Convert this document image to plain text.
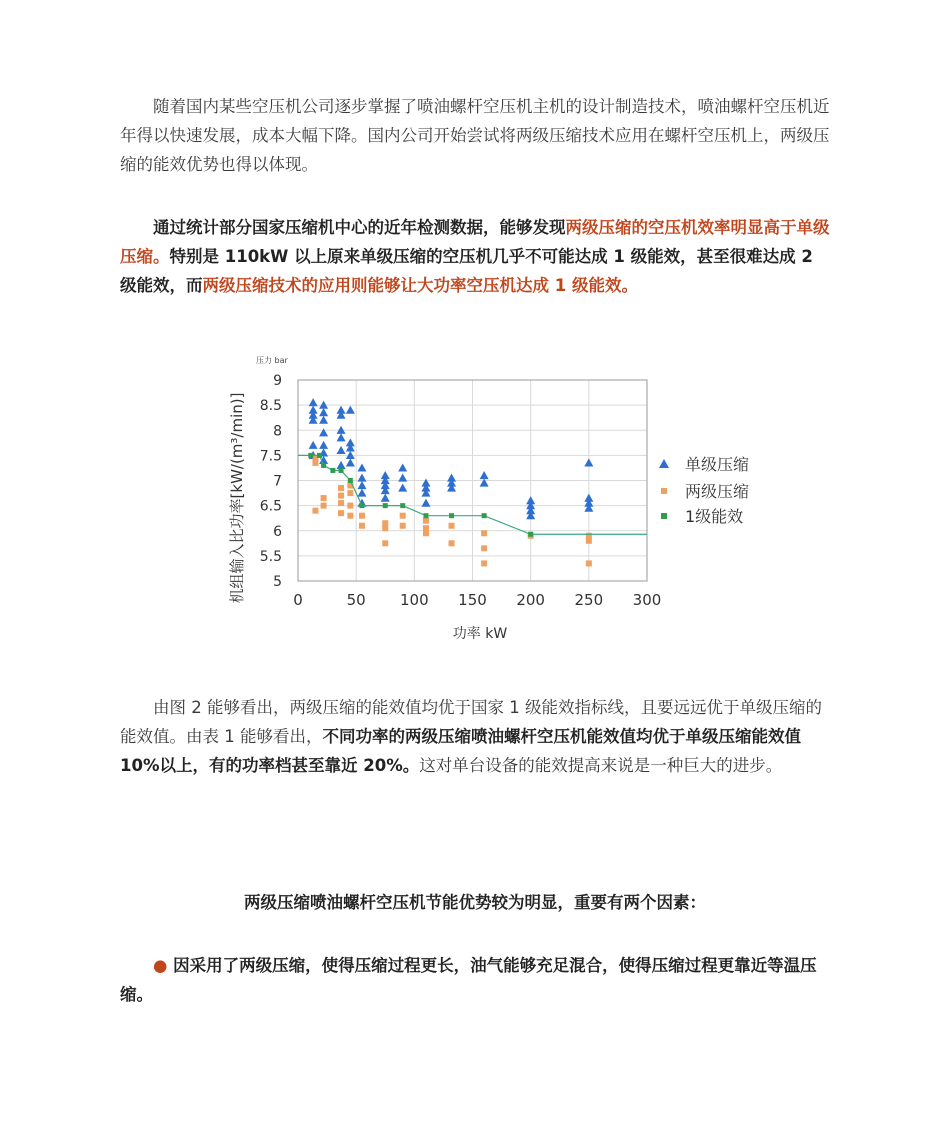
随着国内某些空压机公司逐步掌握了喷油螺杆空压机主机的设计制造技术，喷油螺杆空压机近年得以快速发展，成本大幅下降。国内公司开始尝试将两级压缩技术应用在螺杆空压机上，两级压缩的能效优势也得以体现。

通过统计部分国家压缩机中心的近年检测数据，能够发现两级压缩的空压机效率明显高于单级压缩。特别是 110kW 以上原来单级压缩的空压机几乎不可能达成 1 级能效，甚至很难达成 2 级能效，而两级压缩技术的应用则能够让大功率空压机达成 1 级能效。

由图 2 能够看出，两级压缩的能效值均优于国家 1 级能效指标线，且要远远优于单级压缩的能效值。由表 1 能够看出，不同功率的两级压缩喷油螺杆空压机能效值均优于单级压缩能效值 10%以上，有的功率档甚至靠近 20%。这对单台设备的能效提高来说是一种巨大的进步。

两级压缩喷油螺杆空压机节能优势较为明显，重要有两个因素：

● 因采用了两级压缩，使得压缩过程更长，油气能够充足混合，使得压缩过程更靠近等温压缩。

机组输入比功率[kW/(m³/min)]
压力 bar
功率 kW
0	50 100 150 200 250 300
5
5.5
6
6.5
7
7.5
8
8.5
9
单级压缩
两级压缩
1级能效
